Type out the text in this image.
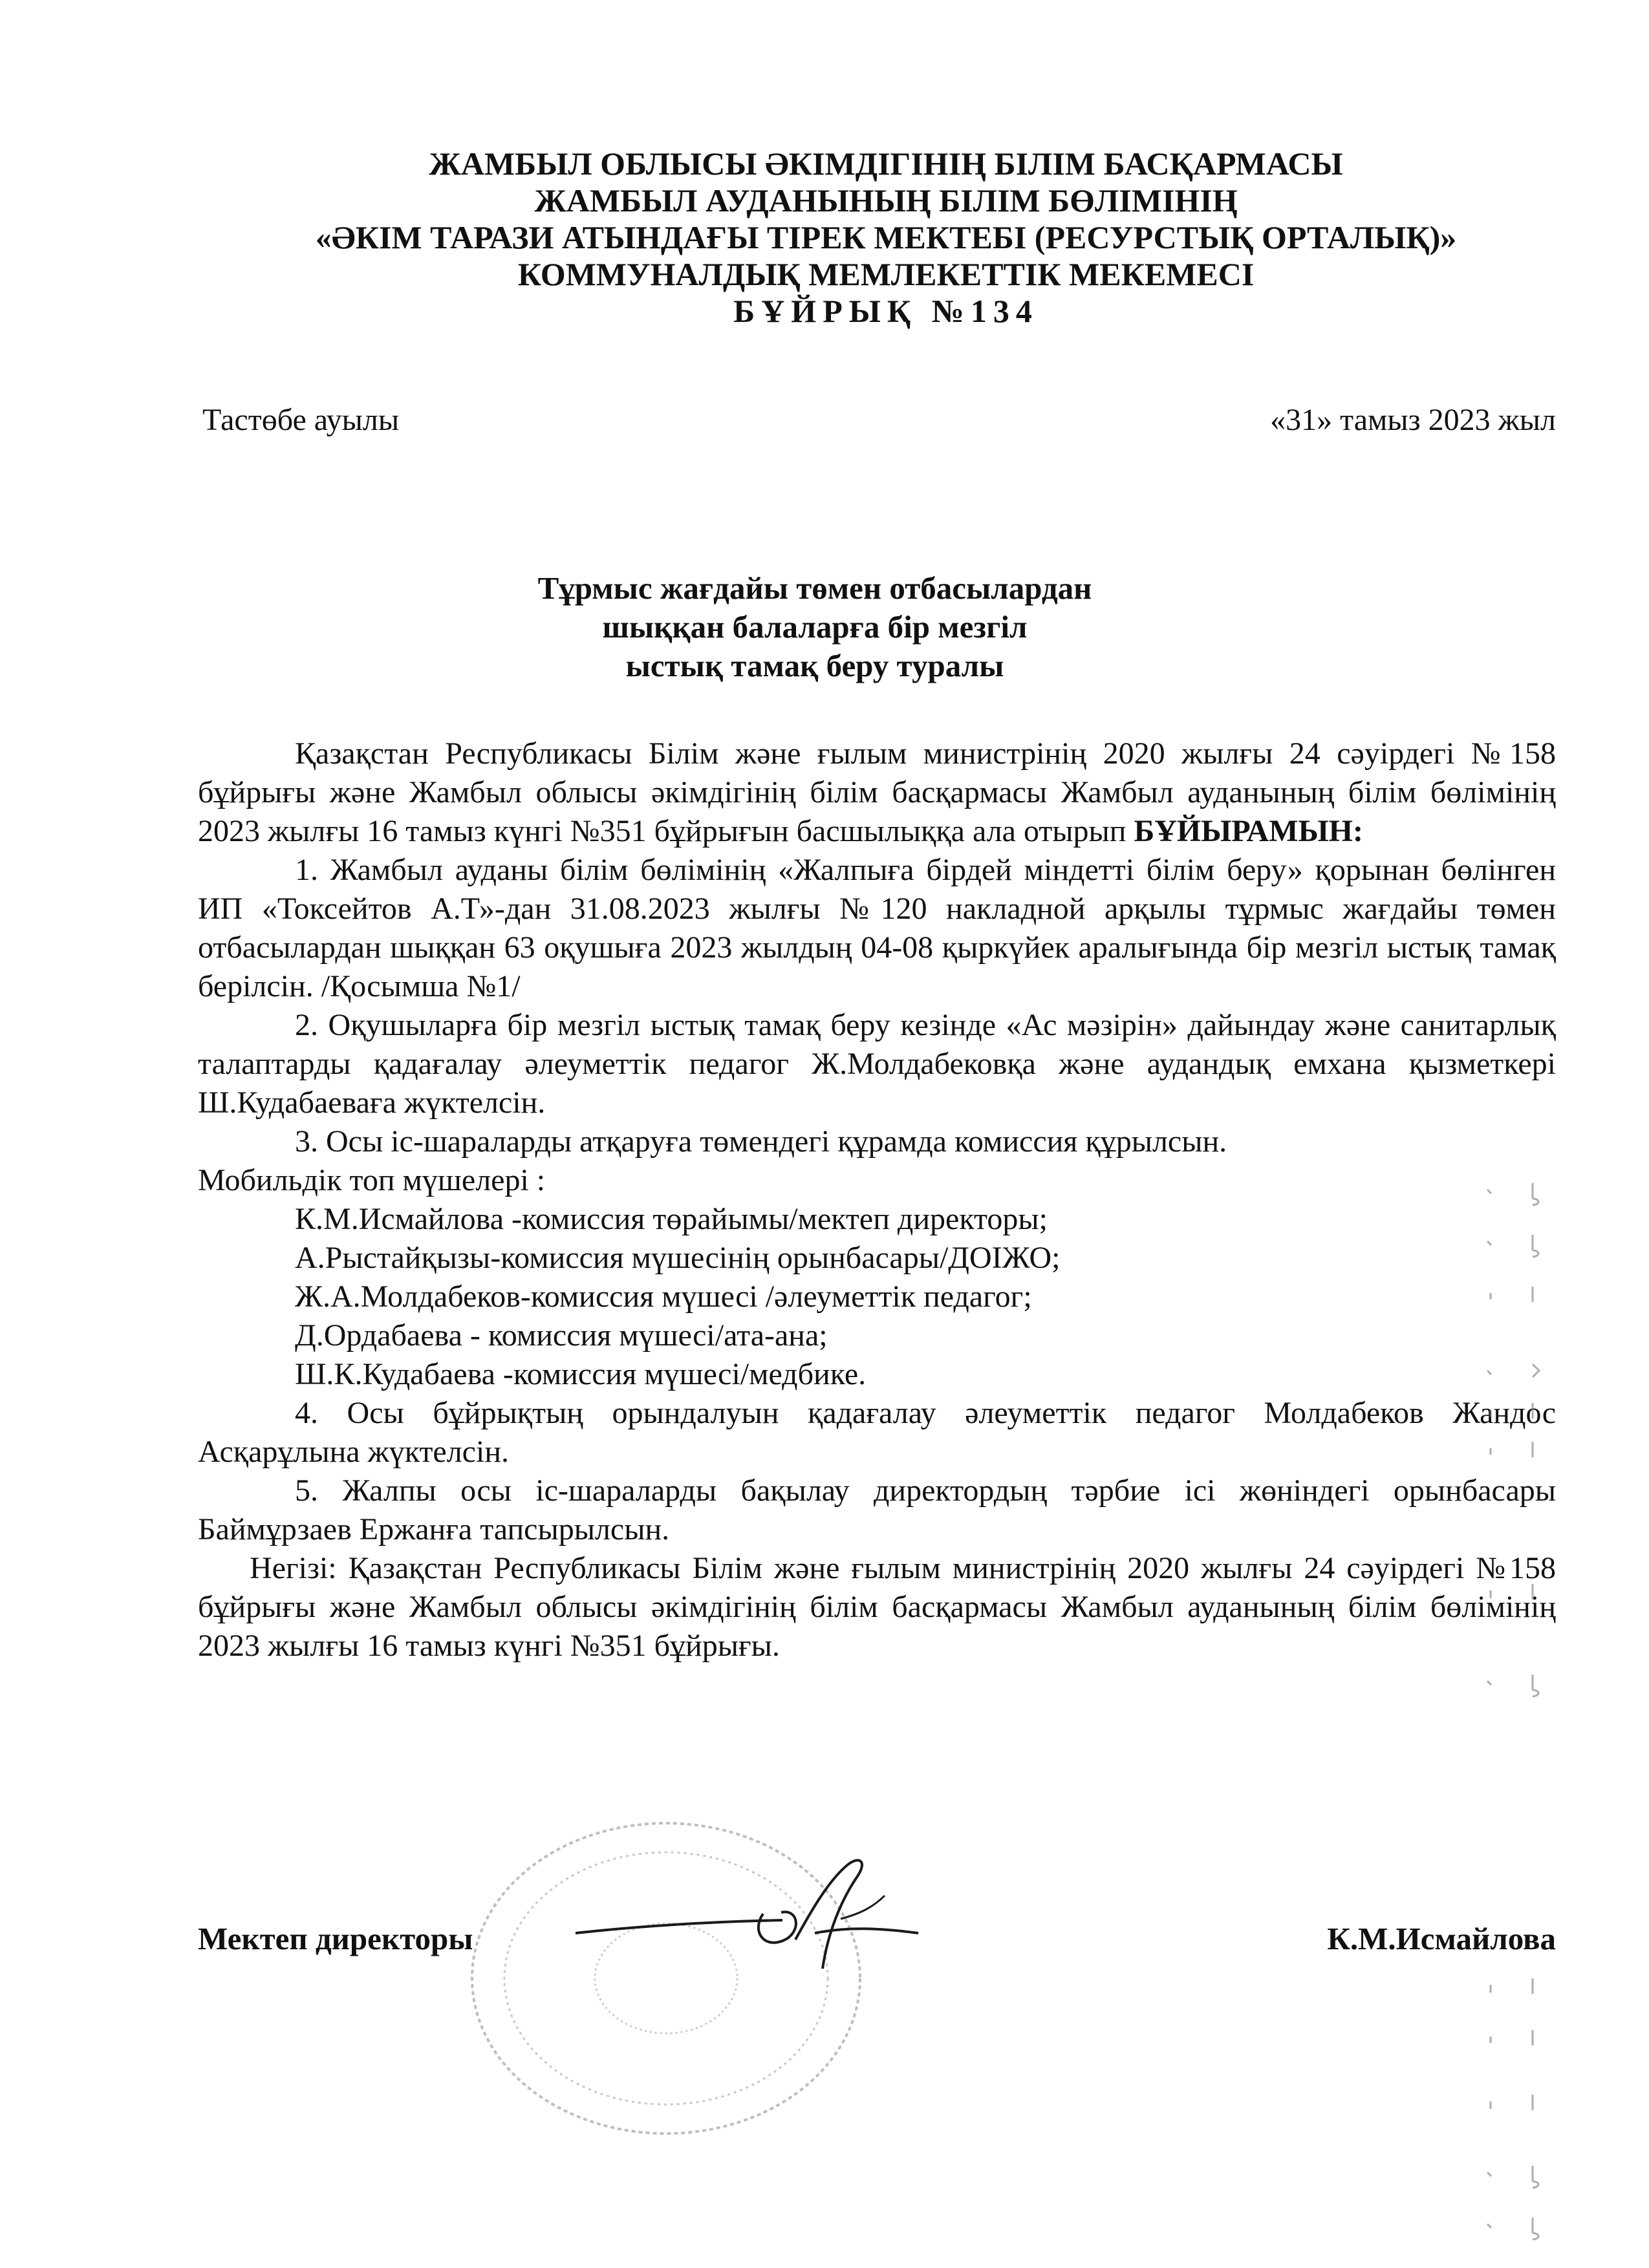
ЖАМБЫЛ ОБЛЫСЫ ӘКІМДІГІНІҢ БІЛІМ БАСҚАРМАСЫ
ЖАМБЫЛ АУДАНЫНЫҢ БІЛІМ БӨЛІМІНІҢ
«ӘКІМ ТАРАЗИ АТЫНДАҒЫ ТІРЕК МЕКТЕБІ (РЕСУРСТЫҚ ОРТАЛЫҚ)»
КОММУНАЛДЫҚ МЕМЛЕКЕТТІК МЕКЕМЕСІ
БҰЙРЫҚ №134
Тастөбе ауылы	«31» тамыз 2023 жыл
Тұрмыс жағдайы төмен отбасылардан
шыққан балаларға бір мезгіл
ыстық тамақ беру туралы

Қазақстан Республикасы Білім және ғылым министрінің 2020 жылғы 24 сәуірдегі №158 бұйрығы және Жамбыл облысы әкімдігінің білім басқармасы Жамбыл ауданының білім бөлімінің 2023 жылғы 16 тамыз күнгі №351 бұйрығын басшылыққа ала отырып БҰЙЫРАМЫН:

1. Жамбыл ауданы білім бөлімінің «Жалпыға бірдей міндетті білім беру» қорынан бөлінген ИП «Токсейтов А.Т»-дан 31.08.2023 жылғы №120 накладной арқылы тұрмыс жағдайы төмен отбасылардан шыққан 63 оқушыға 2023 жылдың 04-08 қыркүйек аралығында бір мезгіл ыстық тамақ берілсін. /Қосымша №1/

2. Оқушыларға бір мезгіл ыстық тамақ беру кезінде «Ас мәзірін» дайындау және санитарлық талаптарды қадағалау әлеуметтік педагог Ж.Молдабековқа және аудандық емхана қызметкері Ш.Кудабаеваға жүктелсін.

3. Осы іс-шараларды атқаруға төмендегі құрамда комиссия құрылсын.

Мобильдік топ мүшелері :

К.М.Исмайлова -комиссия төрайымы/мектеп директоры;

А.Рыстайқызы-комиссия мүшесінің орынбасары/ДОІЖО;

Ж.А.Молдабеков-комиссия мүшесі /әлеуметтік педагог;

Д.Ордабаева - комиссия мүшесі/ата-ана;

Ш.К.Кудабаева -комиссия мүшесі/медбике.

4. Осы бұйрықтың орындалуын қадағалау әлеуметтік педагог Молдабеков Жандос Асқарұлына жүктелсін.

5. Жалпы осы іс-шараларды бақылау директордың тәрбие ісі жөніндегі орынбасары Баймұрзаев Ержанға тапсырылсын.

Негізі: Қазақстан Республикасы Білім және ғылым министрінің 2020 жылғы 24 сәуірдегі №158 бұйрығы және Жамбыл облысы әкімдігінің білім басқармасы Жамбыл ауданының білім бөлімінің 2023 жылғы 16 тамыз күнгі №351 бұйрығы.

Мектеп директоры	К.М.Исмайлова
